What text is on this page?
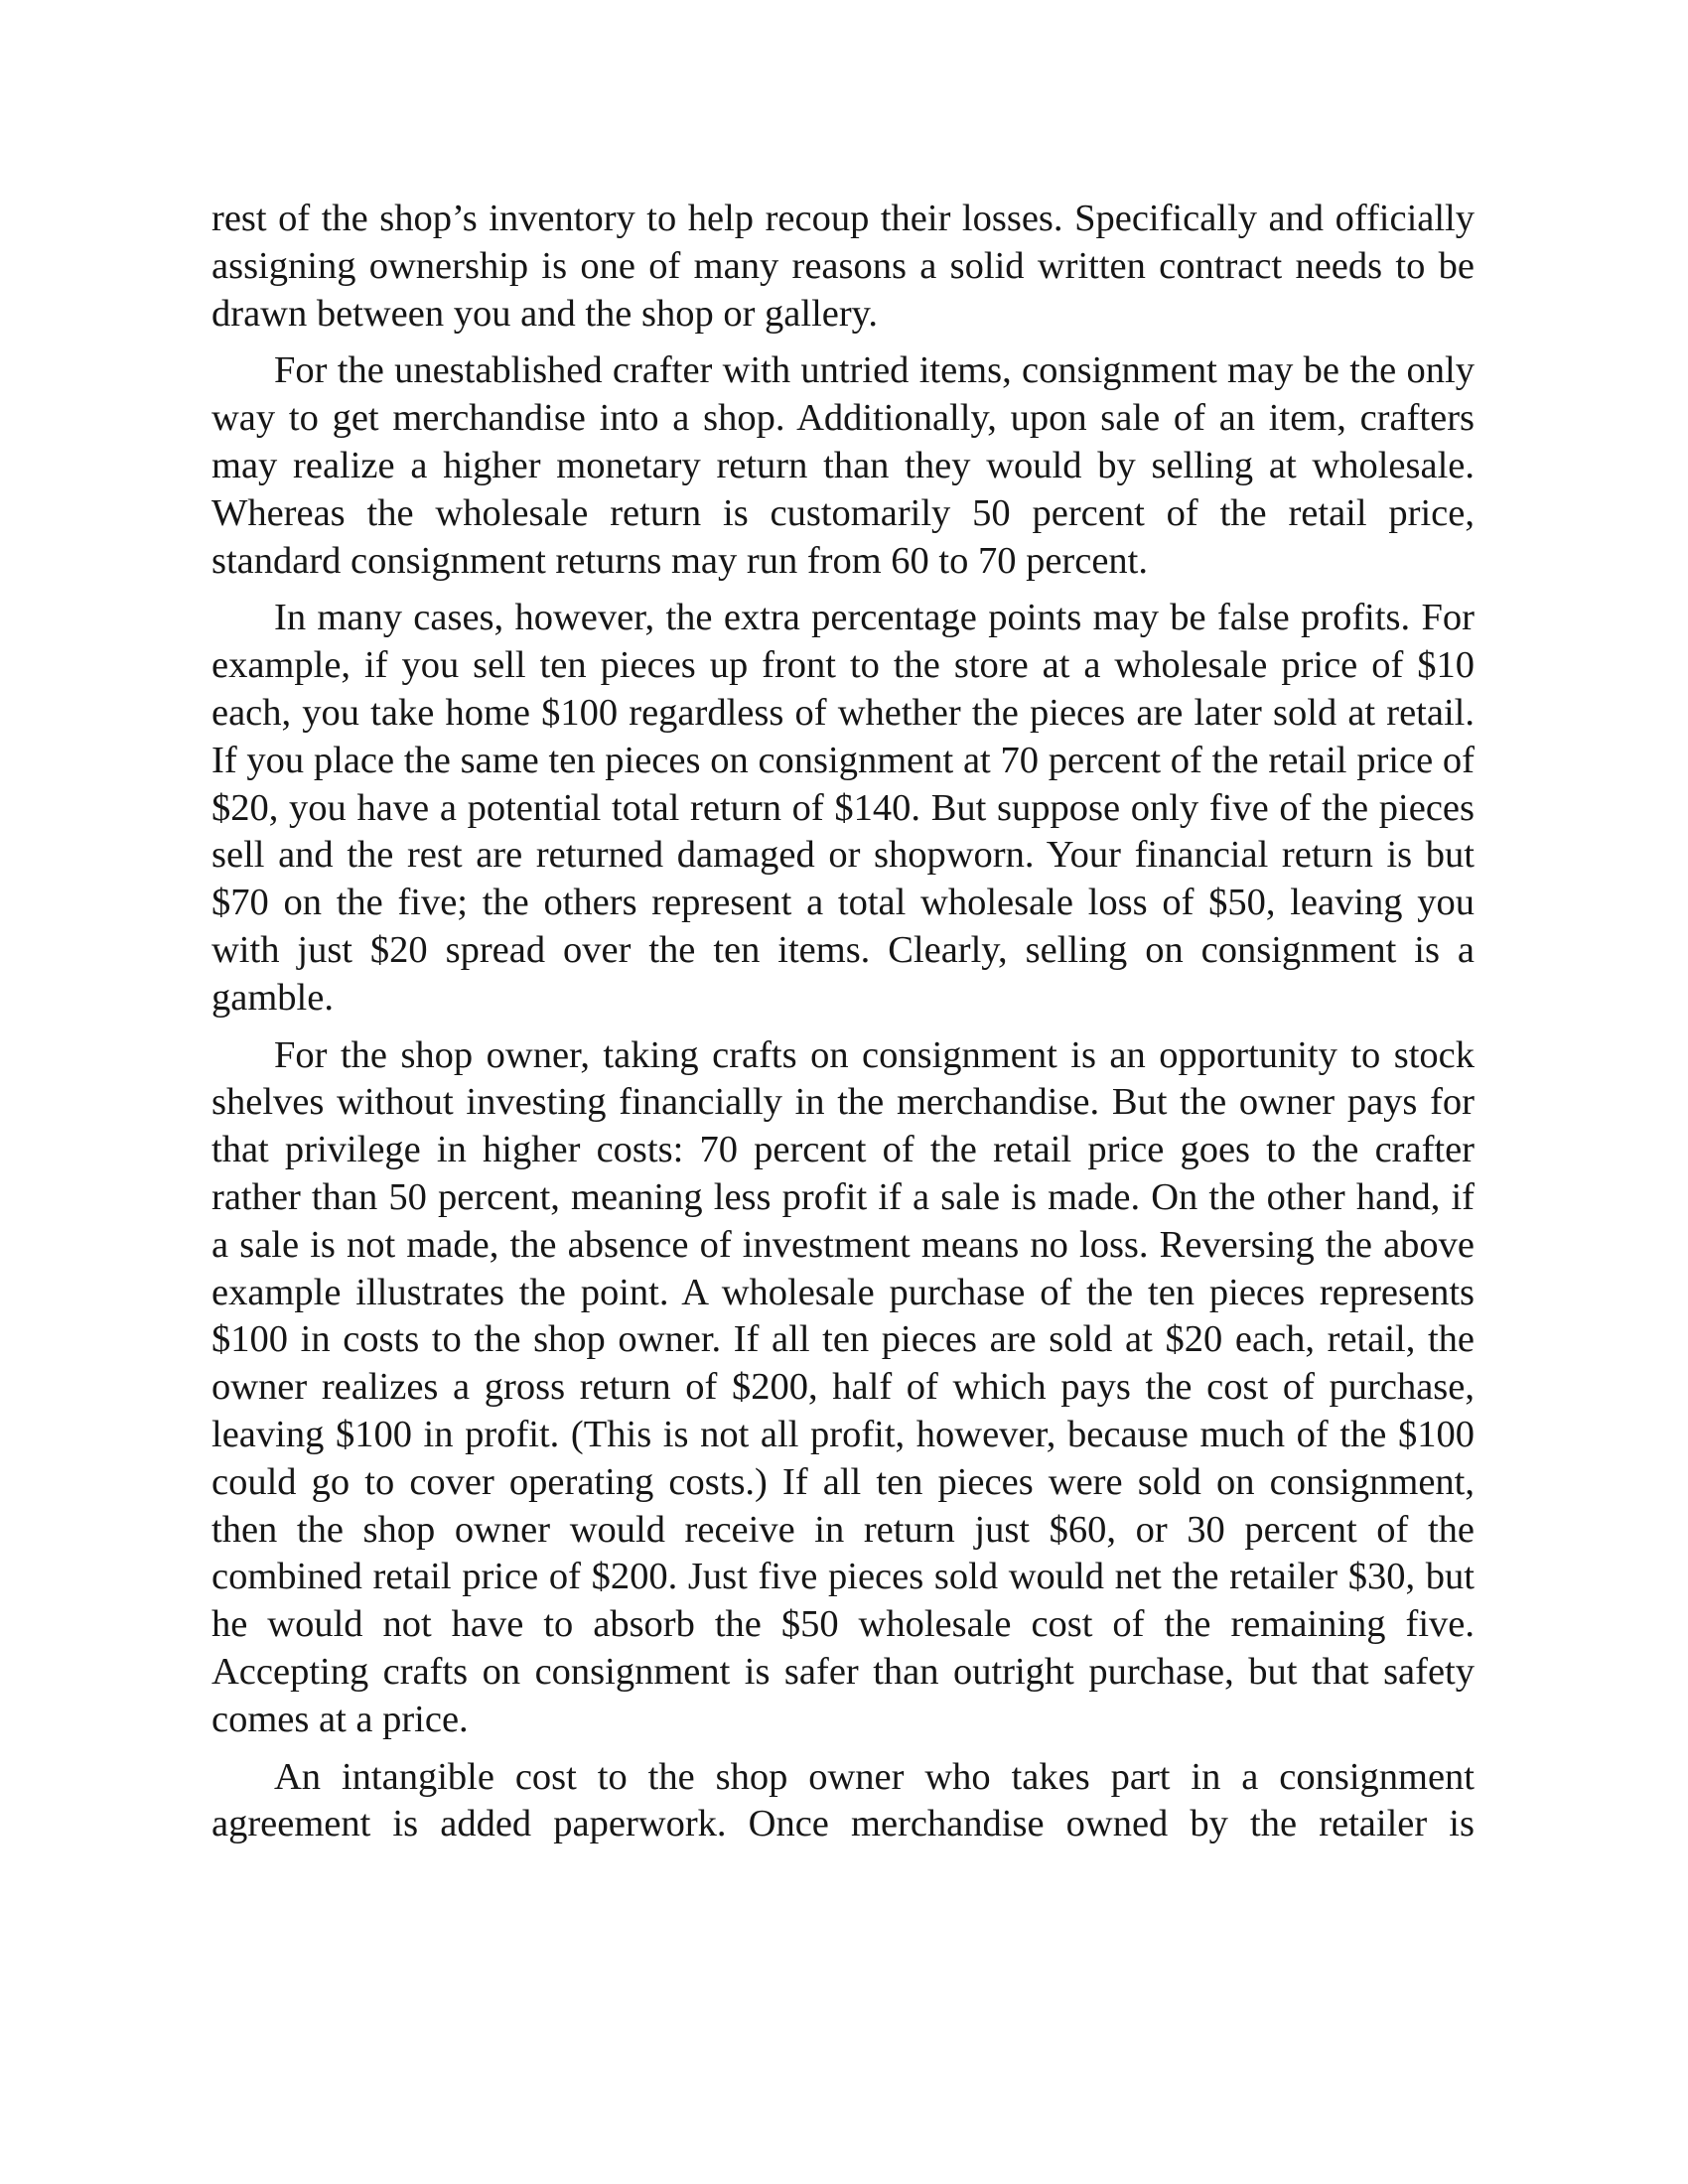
rest of the shop’s inventory to help recoup their losses. Specifically and officially assigning ownership is one of many reasons a solid written contract needs to be drawn between you and the shop or gallery.

For the unestablished crafter with untried items, consignment may be the only way to get merchandise into a shop. Additionally, upon sale of an item, crafters may realize a higher monetary return than they would by selling at wholesale. Whereas the wholesale return is customarily 50 percent of the retail price, standard consignment returns may run from 60 to 70 percent.

In many cases, however, the extra percentage points may be false profits. For example, if you sell ten pieces up front to the store at a wholesale price of $10 each, you take home $100 regardless of whether the pieces are later sold at retail. If you place the same ten pieces on consignment at 70 percent of the retail price of $20, you have a potential total return of $140. But suppose only five of the pieces sell and the rest are returned damaged or shopworn. Your financial return is but $70 on the five; the others represent a total wholesale loss of $50, leaving you with just $20 spread over the ten items. Clearly, selling on consignment is a gamble.

For the shop owner, taking crafts on consignment is an opportunity to stock shelves without investing financially in the merchandise. But the owner pays for that privilege in higher costs: 70 percent of the retail price goes to the crafter rather than 50 percent, meaning less profit if a sale is made. On the other hand, if a sale is not made, the absence of investment means no loss. Reversing the above example illustrates the point. A wholesale purchase of the ten pieces represents $100 in costs to the shop owner. If all ten pieces are sold at $20 each, retail, the owner realizes a gross return of $200, half of which pays the cost of purchase, leaving $100 in profit. (This is not all profit, however, because much of the $100 could go to cover operating costs.) If all ten pieces were sold on consignment, then the shop owner would receive in return just $60, or 30 percent of the combined retail price of $200. Just five pieces sold would net the retailer $30, but he would not have to absorb the $50 wholesale cost of the remaining five. Accepting crafts on consignment is safer than outright purchase, but that safety comes at a price.

An intangible cost to the shop owner who takes part in a consignment agreement is added paperwork. Once merchandise owned by the retailer is
